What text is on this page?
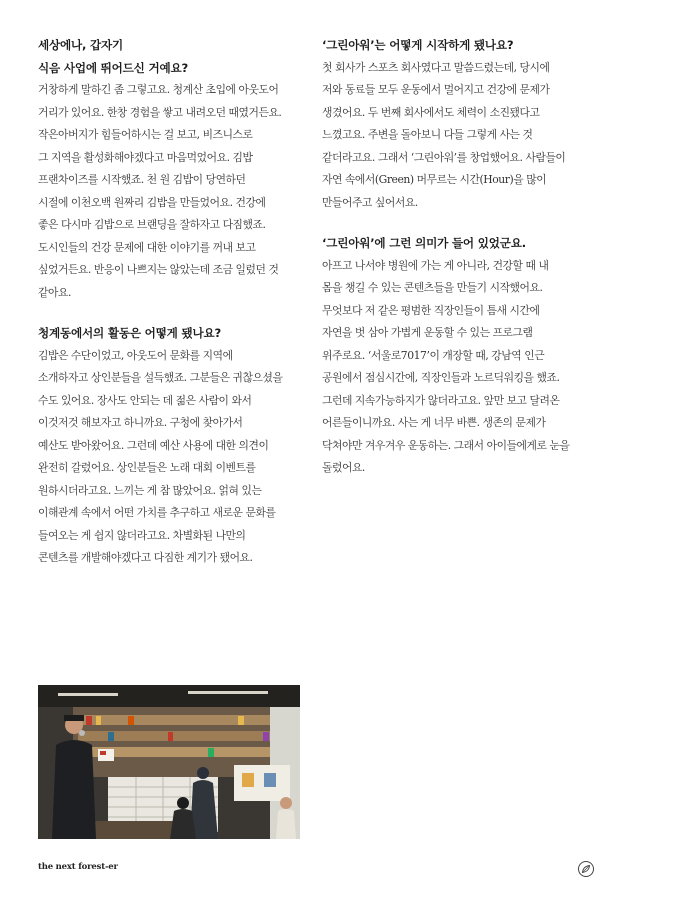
세상에나, 갑자기
식음 사업에 뛰어드신 거예요?

거창하게 말하긴 좀 그렇고요. 청계산 초입에 아웃도어
거리가 있어요. 한창 경험을 쌓고 내려오던 때였거든요.
작은아버지가 힘들어하시는 걸 보고, 비즈니스로
그 지역을 활성화해야겠다고 마음먹었어요. 김밥
프랜차이즈를 시작했죠. 천 원 김밥이 당연하던
시절에 이천오백 원짜리 김밥을 만들었어요. 건강에
좋은 다시마 김밥으로 브랜딩을 잘하자고 다짐했죠.
도시인들의 건강 문제에 대한 이야기를 꺼내 보고
싶었거든요. 반응이 나쁘지는 않았는데 조금 일렀던 것
같아요.

청계동에서의 활동은 어떻게 됐나요?

김밥은 수단이었고, 아웃도어 문화를 지역에
소개하자고 상인분들을 설득했죠. 그분들은 귀찮으셨을
수도 있어요. 장사도 안되는 데 젊은 사람이 와서
이것저것 해보자고 하니까요. 구청에 찾아가서
예산도 받아왔어요. 그런데 예산 사용에 대한 의견이
완전히 갈렸어요. 상인분들은 노래 대회 이벤트를
원하시더라고요. 느끼는 게 참 많았어요. 얽혀 있는
이해관계 속에서 어떤 가치를 추구하고 새로운 문화를
들여오는 게 쉽지 않더라고요. 차별화된 나만의
콘텐츠를 개발해야겠다고 다짐한 계기가 됐어요.

‘그린아워’는 어떻게 시작하게 됐나요?

첫 회사가 스포츠 회사였다고 말씀드렸는데, 당시에
저와 동료들 모두 운동에서 멀어지고 건강에 문제가
생겼어요. 두 번째 회사에서도 체력이 소진됐다고
느꼈고요. 주변을 돌아보니 다들 그렇게 사는 것
같더라고요. 그래서 ‘그린아워’를 창업했어요. 사람들이
자연 속에서(Green) 머무르는 시간(Hour)을 많이
만들어주고 싶어서요.

‘그린아워’에 그런 의미가 들어 있었군요.

아프고 나서야 병원에 가는 게 아니라, 건강할 때 내
몸을 챙길 수 있는 콘텐츠들을 만들기 시작했어요.
무엇보다 저 같은 평범한 직장인들이 틈새 시간에
자연을 벗 삼아 가볍게 운동할 수 있는 프로그램
위주로요. ‘서울로7017’이 개장할 때, 강남역 인근
공원에서 점심시간에, 직장인들과 노르딕워킹을 했죠.
그런데 지속가능하지가 않더라고요. 앞만 보고 달려온
어른들이니까요. 사는 게 너무 바쁜. 생존의 문제가
닥쳐야만 겨우겨우 운동하는. 그래서 아이들에게로 눈을
돌렸어요.

the next forest-er
